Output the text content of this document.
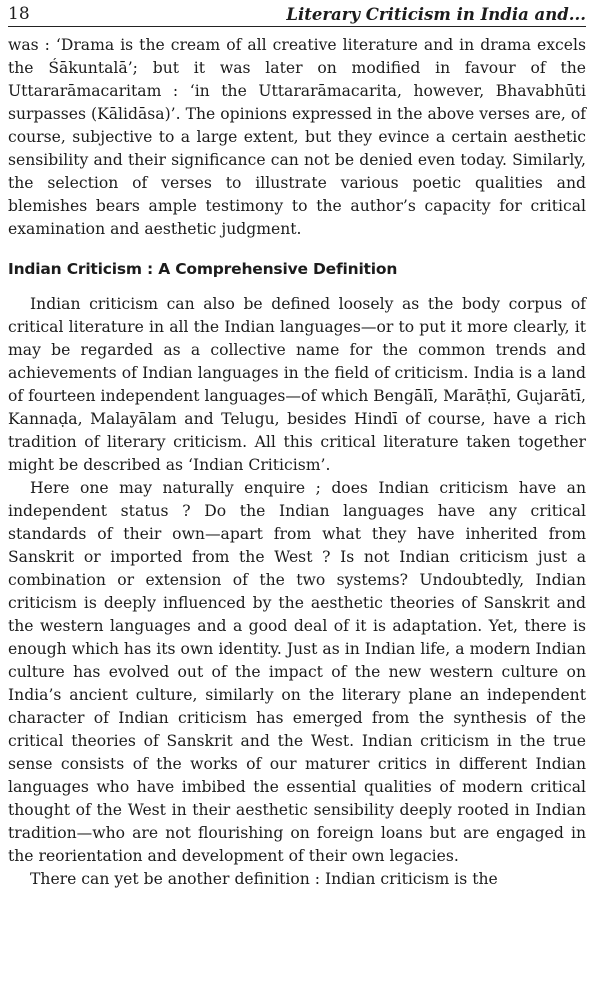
18	Literary Criticism in India and...

was : ‘Drama is the cream of all creative literature and in drama excels the Śākuntalā’; but it was later on modified in favour of the Uttararāmacaritam : ‘in the Uttararāmacarita, however, Bhavabhūti surpasses (Kālidāsa)’. The opinions expressed in the above verses are, of course, subjective to a large extent, but they evince a certain aesthetic sensibility and their significance can not be denied even today. Similarly, the selection of verses to illustrate various poetic qualities and blemishes bears ample testimony to the author’s capacity for critical examination and aesthetic judgment.

Indian Criticism : A Comprehensive Definition

Indian criticism can also be defined loosely as the body corpus of critical literature in all the Indian languages—or to put it more clearly, it may be regarded as a collective name for the common trends and achievements of Indian languages in the field of criticism. India is a land of fourteen independent languages—of which Bengālī, Marāṭhī, Gujarātī, Kannaḍa, Malayālam and Telugu, besides Hindī of course, have a rich tradition of literary criticism. All this critical literature taken together might be described as ‘Indian Criticism’.

Here one may naturally enquire ; does Indian criticism have an independent status ? Do the Indian languages have any critical standards of their own—apart from what they have inherited from Sanskrit or imported from the West ? Is not Indian criticism just a combination or extension of the two systems? Undoubtedly, Indian criticism is deeply influenced by the aesthetic theories of Sanskrit and the western languages and a good deal of it is adaptation. Yet, there is enough which has its own identity. Just as in Indian life, a modern Indian culture has evolved out of the impact of the new western culture on India’s ancient culture, similarly on the literary plane an independent character of Indian criticism has emerged from the synthesis of the critical theories of Sanskrit and the West. Indian criticism in the true sense consists of the works of our maturer critics in different Indian languages who have imbibed the essential qualities of modern critical thought of the West in their aesthetic sensibility deeply rooted in Indian tradition—who are not flourishing on foreign loans but are engaged in the reorientation and development of their own legacies.

There can yet be another definition : Indian criticism is the
